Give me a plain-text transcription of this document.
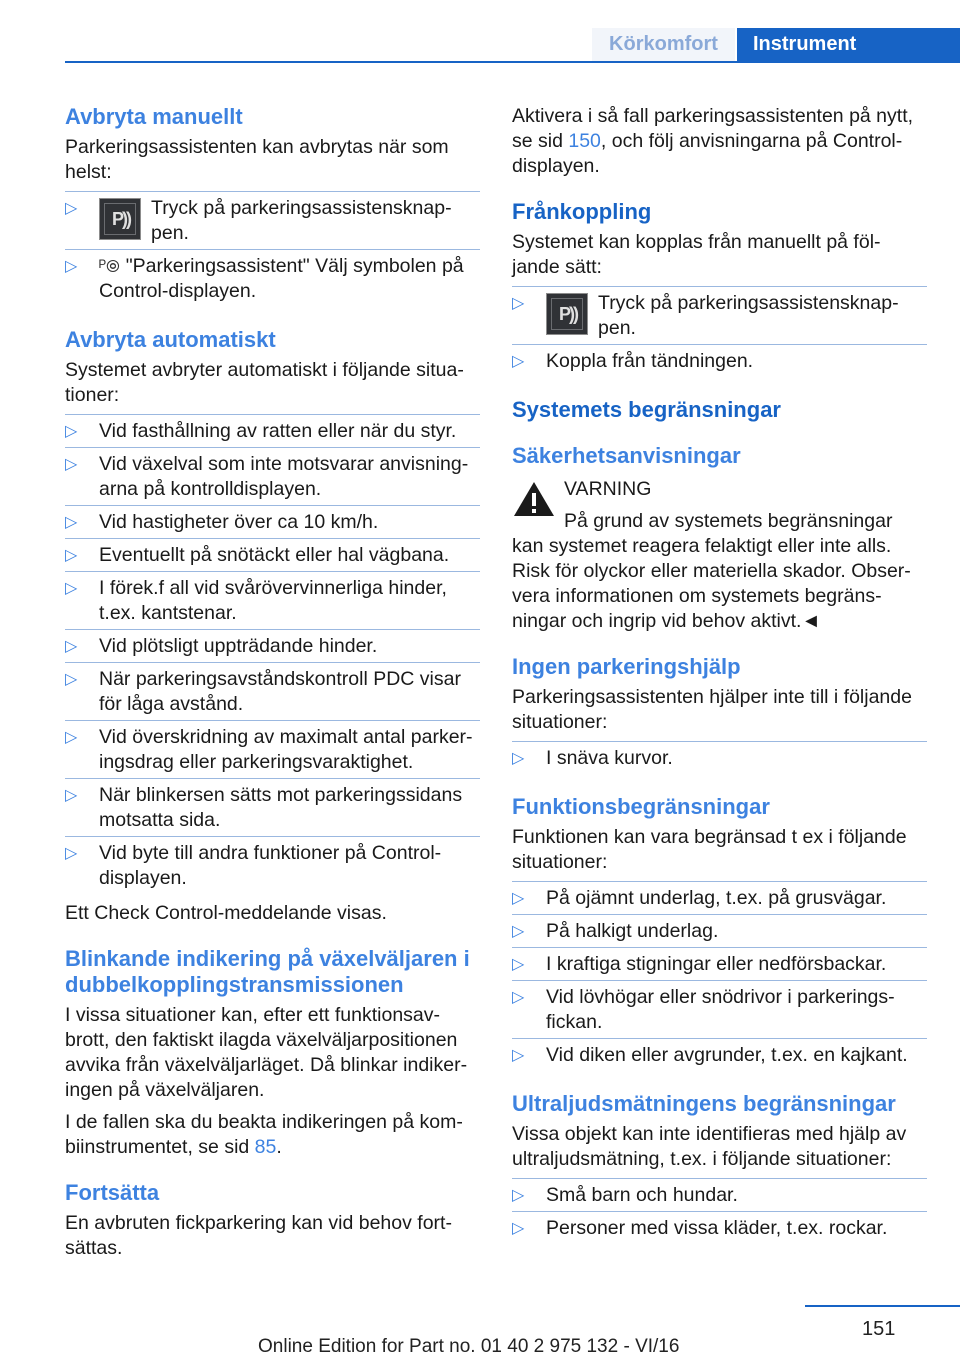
Körkomfort	Instrument
Avbryta manuellt
Parkeringsassistenten kan avbrytas när som helst:
▷
P)) Tryck på parkeringsassistensknap‐pen.
▷ ᴾ⦾ "Parkeringsassistent" Välj symbolen på Control-displayen.
Avbryta automatiskt
Systemet avbryter automatiskt i följande situa‐tioner:
▷ Vid fasthållning av ratten eller när du styr.
▷ Vid växelval som inte motsvarar anvisning‐arna på kontrolldisplayen.
▷ Vid hastigheter över ca 10 km/h.
▷ Eventuellt på snötäckt eller hal vägbana.
▷ I förek.f all vid svårövervinnerliga hinder, t.ex. kantstenar.
▷ Vid plötsligt uppträdande hinder.
▷ När parkeringsavståndskontroll PDC visar för låga avstånd.
▷ Vid överskridning av maximalt antal parker‐ingsdrag eller parkeringsvaraktighet.
▷ När blinkersen sätts mot parkeringssidans motsatta sida.
▷ Vid byte till andra funktioner på Control-displayen.
Ett Check Control-meddelande visas.
Blinkande indikering på växelväljaren i dubbelkopplingstransmissionen
I vissa situationer kan, efter ett funktionsav‐brott, den faktiskt ilagda växelväljarpositionen avvika från växelväljarläget. Då blinkar indiker‐ingen på växelväljaren.
I de fallen ska du beakta indikeringen på kom‐biinstrumentet, se sid 85.
Fortsätta
En avbruten fickparkering kan vid behov fort‐sättas.
Aktivera i så fall parkeringsassistenten på nytt, se sid 150, och följ anvisningarna på Control-displayen.
Frånkoppling
Systemet kan kopplas från manuellt på föl‐jande sätt:
▷
P)) Tryck på parkeringsassistensknap‐pen.
▷ Koppla från tändningen.
Systemets begränsningar
Säkerhetsanvisningar
VARNING
På grund av systemets begränsningar
kan systemet reagera felaktigt eller inte alls. Risk för olyckor eller materiella skador. Obser‐vera informationen om systemets begräns‐ningar och ingrip vid behov aktivt.◄
Ingen parkeringshjälp
Parkeringsassistenten hjälper inte till i följande situationer:
▷ I snäva kurvor.
Funktionsbegränsningar
Funktionen kan vara begränsad t ex i följande situationer:
▷ På ojämnt underlag, t.ex. på grusvägar.
▷ På halkigt underlag.
▷ I kraftiga stigningar eller nedförsbackar.
▷ Vid lövhögar eller snödrivor i parkerings‐fickan.
▷ Vid diken eller avgrunder, t.ex. en kajkant.
Ultraljudsmätningens begränsningar
Vissa objekt kan inte identifieras med hjälp av ultraljudsmätning, t.ex. i följande situationer:
▷ Små barn och hundar.
▷ Personer med vissa kläder, t.ex. rockar.
151
Online Edition for Part no. 01 40 2 975 132 - VI/16
